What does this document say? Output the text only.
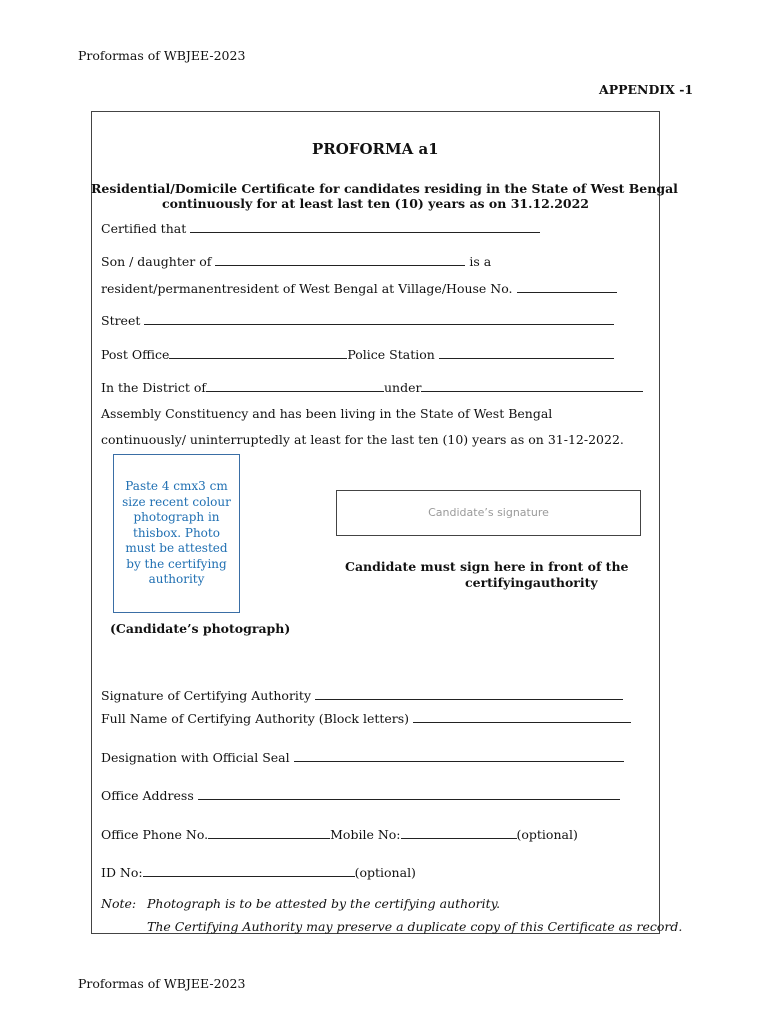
Proformas of WBJEE-2023
APPENDIX -1
PROFORMA a1
Residential/Domicile Certificate for candidates residing in the State of West Bengal
continuously for at least last ten (10) years as on 31.12.2022
Certified that
Son / daughter of	is a
resident/permanentresident of West Bengal at Village/House No.
Street
Post Office	Police Station
In the District of	under
Assembly Constituency and has been living in the State of West Bengal
continuously/ uninterruptedly at least for the last ten (10) years as on 31-12-2022.
Paste 4 cmx3 cm size recent colour photograph in thisbox. Photo must be attested by the certifying authority
(Candidate’s photograph)
Candidate’s signature
Candidate must sign here in front of the
certifyingauthority
Signature of Certifying Authority
Full Name of Certifying Authority (Block letters)
Designation with Official Seal
Office Address
Office Phone No.	Mobile No:	(optional)
ID No:	(optional)
Note: Photograph is to be attested by the certifying authority.
The Certifying Authority may preserve a duplicate copy of this Certificate as record.
Proformas of WBJEE-2023
